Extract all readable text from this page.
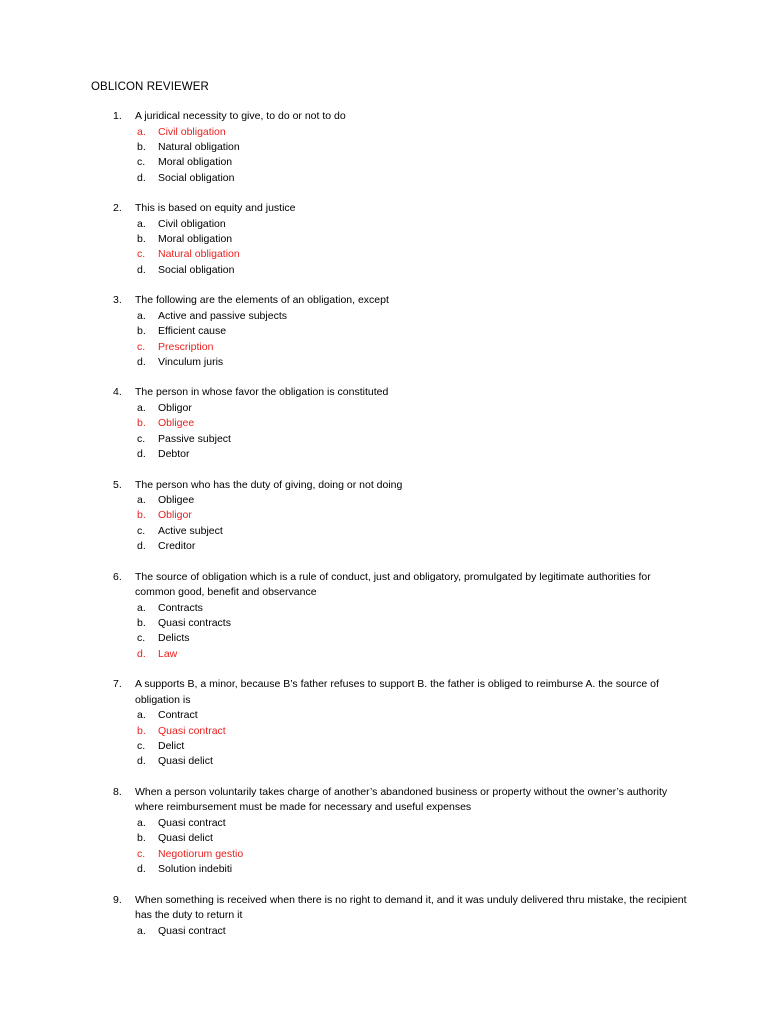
OBLICON REVIEWER
1.	A juridical necessity to give, to do or not to do
a.	Civil obligation
b.	Natural obligation
c.	Moral obligation
d.	Social obligation
2.	This is based on equity and justice
a.	Civil obligation
b.	Moral obligation
c.	Natural obligation
d.	Social obligation
3.	The following are the elements of an obligation, except
a.	Active and passive subjects
b.	Efficient cause
c.	Prescription
d.	Vinculum juris
4.	The person in whose favor the obligation is constituted
a.	Obligor
b.	Obligee
c.	Passive subject
d.	Debtor
5.	The person who has the duty of giving, doing or not doing
a.	Obligee
b.	Obligor
c.	Active subject
d.	Creditor
6.	The source of obligation which is a rule of conduct, just and obligatory, promulgated by legitimate authorities for common good, benefit and observance
a.	Contracts
b.	Quasi contracts
c.	Delicts
d.	Law
7.	A supports B, a minor, because B’s father refuses to support B. the father is obliged to reimburse A. the source of obligation is
a.	Contract
b.	Quasi contract
c.	Delict
d.	Quasi delict
8.	When a person voluntarily takes charge of another’s abandoned business or property without the owner’s authority where reimbursement must be made for necessary and useful expenses
a.	Quasi contract
b.	Quasi delict
c.	Negotiorum gestio
d.	Solution indebiti
9.	When something is received when there is no right to demand it, and it was unduly delivered thru mistake, the recipient has the duty to return it
a.	Quasi contract
